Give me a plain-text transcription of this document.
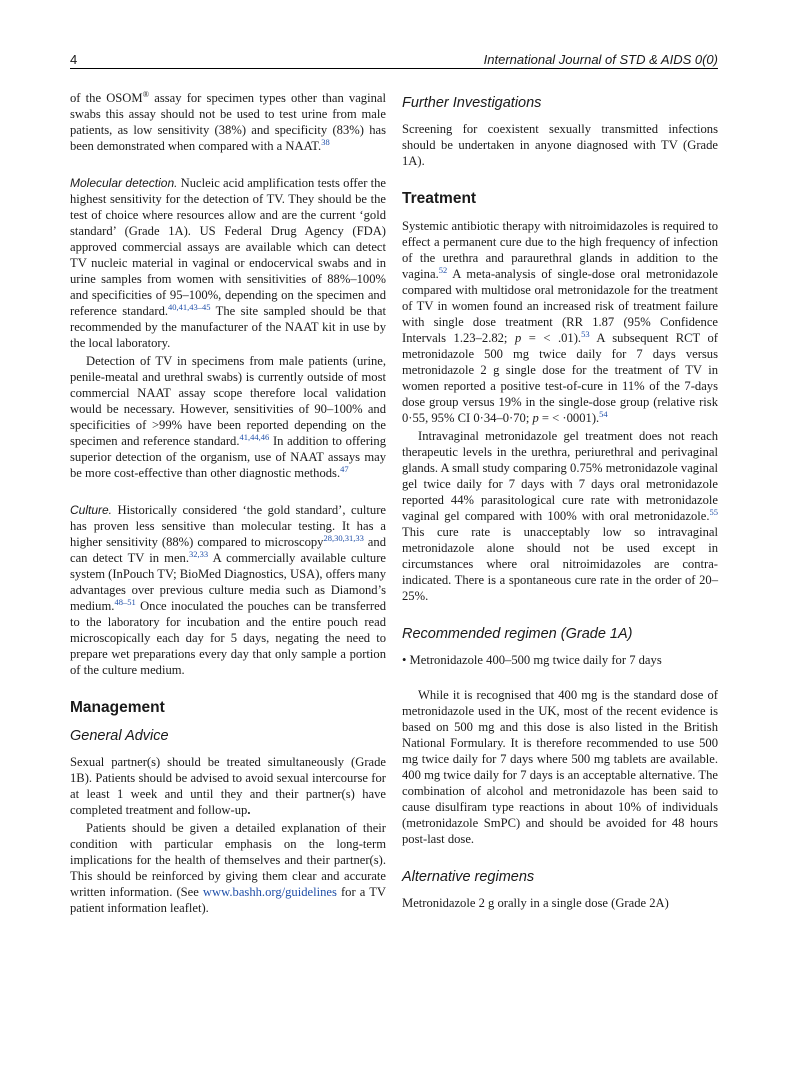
4	International Journal of STD & AIDS 0(0)

of the OSOM® assay for specimen types other than vaginal swabs this assay should not be used to test urine from male patients, as low sensitivity (38%) and specificity (83%) has been demonstrated when compared with a NAAT.$^{38}$

Molecular detection. Nucleic acid amplification tests offer the highest sensitivity for the detection of TV. They should be the test of choice where resources allow and are the current ‘gold standard’ (Grade 1A). US Federal Drug Agency (FDA) approved commercial assays are available which can detect TV nucleic material in vaginal or endocervical swabs and in urine samples from women with sensitivities of 88%–100% and specificities of 95–100%, depending on the specimen and reference standard.$^{40,41,43-45}$ The site sampled should be that recommended by the manufacturer of the NAAT kit in use by the local laboratory.

Detection of TV in specimens from male patients (urine, penile-meatal and urethral swabs) is currently outside of most commercial NAAT assay scope therefore local validation would be necessary. However, sensitivities of 90–100% and specificities of >99% have been reported depending on the specimen and reference standard.$^{41,44,46}$ In addition to offering superior detection of the organism, use of NAAT assays may be more cost-effective than other diagnostic methods.$^{47}$

Culture. Historically considered ‘the gold standard’, culture has proven less sensitive than molecular testing. It has a higher sensitivity (88%) compared to microscopy$^{28,30,31,33}$ and can detect TV in men.$^{32,33}$ A commercially available culture system (InPouch TV; BioMed Diagnostics, USA), offers many advantages over previous culture media such as Diamond’s medium.$^{48-51}$ Once inoculated the pouches can be transferred to the laboratory for incubation and the entire pouch read microscopically each day for 5 days, negating the need to prepare wet preparations every day that only sample a portion of the culture medium.

Management
General Advice

Sexual partner(s) should be treated simultaneously (Grade 1B). Patients should be advised to avoid sexual intercourse for at least 1 week and until they and their partner(s) have completed treatment and follow-up.

Patients should be given a detailed explanation of their condition with particular emphasis on the long-term implications for the health of themselves and their partner(s). This should be reinforced by giving them clear and accurate written information. (See www.bashh.org/guidelines for a TV patient information leaflet).

Further Investigations

Screening for coexistent sexually transmitted infections should be undertaken in anyone diagnosed with TV (Grade 1A).

Treatment

Systemic antibiotic therapy with nitroimidazoles is required to effect a permanent cure due to the high frequency of infection of the urethra and paraurethral glands in addition to the vagina.$^{52}$ A meta-analysis of single-dose oral metronidazole compared with multidose oral metronidazole for the treatment of TV in women found an increased risk of treatment failure with single dose treatment (RR 1.87 (95% Confidence Intervals 1.23–2.82; p = < .01).$^{53}$ A subsequent RCT of metronidazole 500 mg twice daily for 7 days versus metronidazole 2 g single dose for the treatment of TV in women reported a positive test-of-cure in 11% of the 7-days dose group versus 19% in the single-dose group (relative risk 0·55, 95% CI 0·34–0·70; p = < ·0001).$^{54}$

Intravaginal metronidazole gel treatment does not reach therapeutic levels in the urethra, periurethral and perivaginal glands. A small study comparing 0.75% metronidazole vaginal gel twice daily for 7 days with 7 days oral metronidazole reported 44% parasitological cure rate with metronidazole vaginal gel compared with 100% with oral metronidazole.$^{55}$ This cure rate is unacceptably low so intravaginal metronidazole alone should not be used except in circumstances where oral nitroimidazoles are contra-indicated. There is a spontaneous cure rate in the order of 20–25%.

Recommended regimen (Grade 1A)

• Metronidazole 400–500 mg twice daily for 7 days

While it is recognised that 400 mg is the standard dose of metronidazole used in the UK, most of the recent evidence is based on 500 mg and this dose is also listed in the British National Formulary. It is therefore recommended to use 500 mg twice daily for 7 days where 500 mg tablets are available. 400 mg twice daily for 7 days is an acceptable alternative. The combination of alcohol and metronidazole has been said to cause disulfiram type reactions in about 10% of individuals (metronidazole SmPC) and should be avoided for 48 hours post-last dose.

Alternative regimens

Metronidazole 2 g orally in a single dose (Grade 2A)
